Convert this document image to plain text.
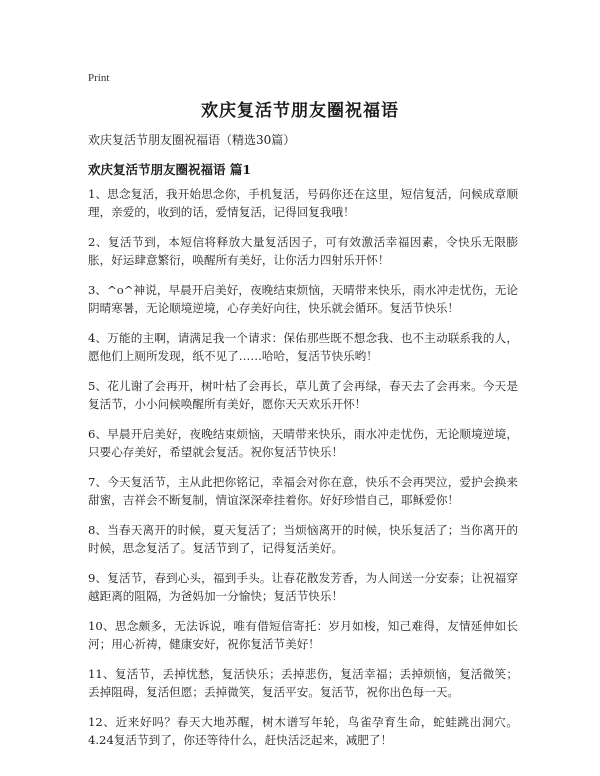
Print
欢庆复活节朋友圈祝福语
欢庆复活节朋友圈祝福语（精选30篇）
欢庆复活节朋友圈祝福语 篇1

1、思念复活，我开始思念你，手机复活，号码你还在这里，短信复活，问候成章顺理，亲爱的，收到的话，爱情复活，记得回复我哦！

2、复活节到，本短信将释放大量复活因子，可有效激活幸福因素，令快乐无限膨胀，好运肆意繁衍，唤醒所有美好，让你活力四射乐开怀！

3、^o^神说，早晨开启美好，夜晚结束烦恼，天晴带来快乐，雨水冲走忧伤，无论阴晴寒暑，无论顺境逆境，心存美好向往，快乐就会循环。复活节快乐！

4、万能的主啊，请满足我一个请求：保佑那些既不想念我、也不主动联系我的人，愿他们上厕所发现，纸不见了……哈哈，复活节快乐哟！

5、花儿谢了会再开，树叶枯了会再长，草儿黄了会再绿，春天去了会再来。今天是复活节，小小问候唤醒所有美好，愿你天天欢乐开怀！

6、早晨开启美好，夜晚结束烦恼，天晴带来快乐，雨水冲走忧伤，无论顺境逆境，只要心存美好，希望就会复活。祝你复活节快乐！

7、今天复活节，主从此把你铭记，幸福会对你在意，快乐不会再哭泣，爱护会换来甜蜜，吉祥会不断复制，情谊深深牵挂着你。好好珍惜自己，耶稣爱你！

8、当春天离开的时候，夏天复活了；当烦恼离开的时候，快乐复活了；当你离开的时候，思念复活了。复活节到了，记得复活美好。

9、复活节，春到心头，福到手头。让春花散发芳香，为人间送一分安泰；让祝福穿越距离的阻隔，为爸妈加一分愉快；复活节快乐！

10、思念颇多，无法诉说，唯有借短信寄托：岁月如梭，知己难得，友情延伸如长河；用心祈祷，健康安好，祝你复活节美好！

11、复活节，丢掉忧愁，复活快乐；丢掉悲伤，复活幸福；丢掉烦恼，复活微笑；丢掉阻碍，复活但愿；丢掉微笑，复活平安。复活节，祝你出色每一天。

12、近来好吗？春天大地苏醒，树木谱写年轮，鸟雀孕育生命，蛇蛙跳出洞穴。4.24复活节到了，你还等待什么，赶快活泛起来，减肥了！
